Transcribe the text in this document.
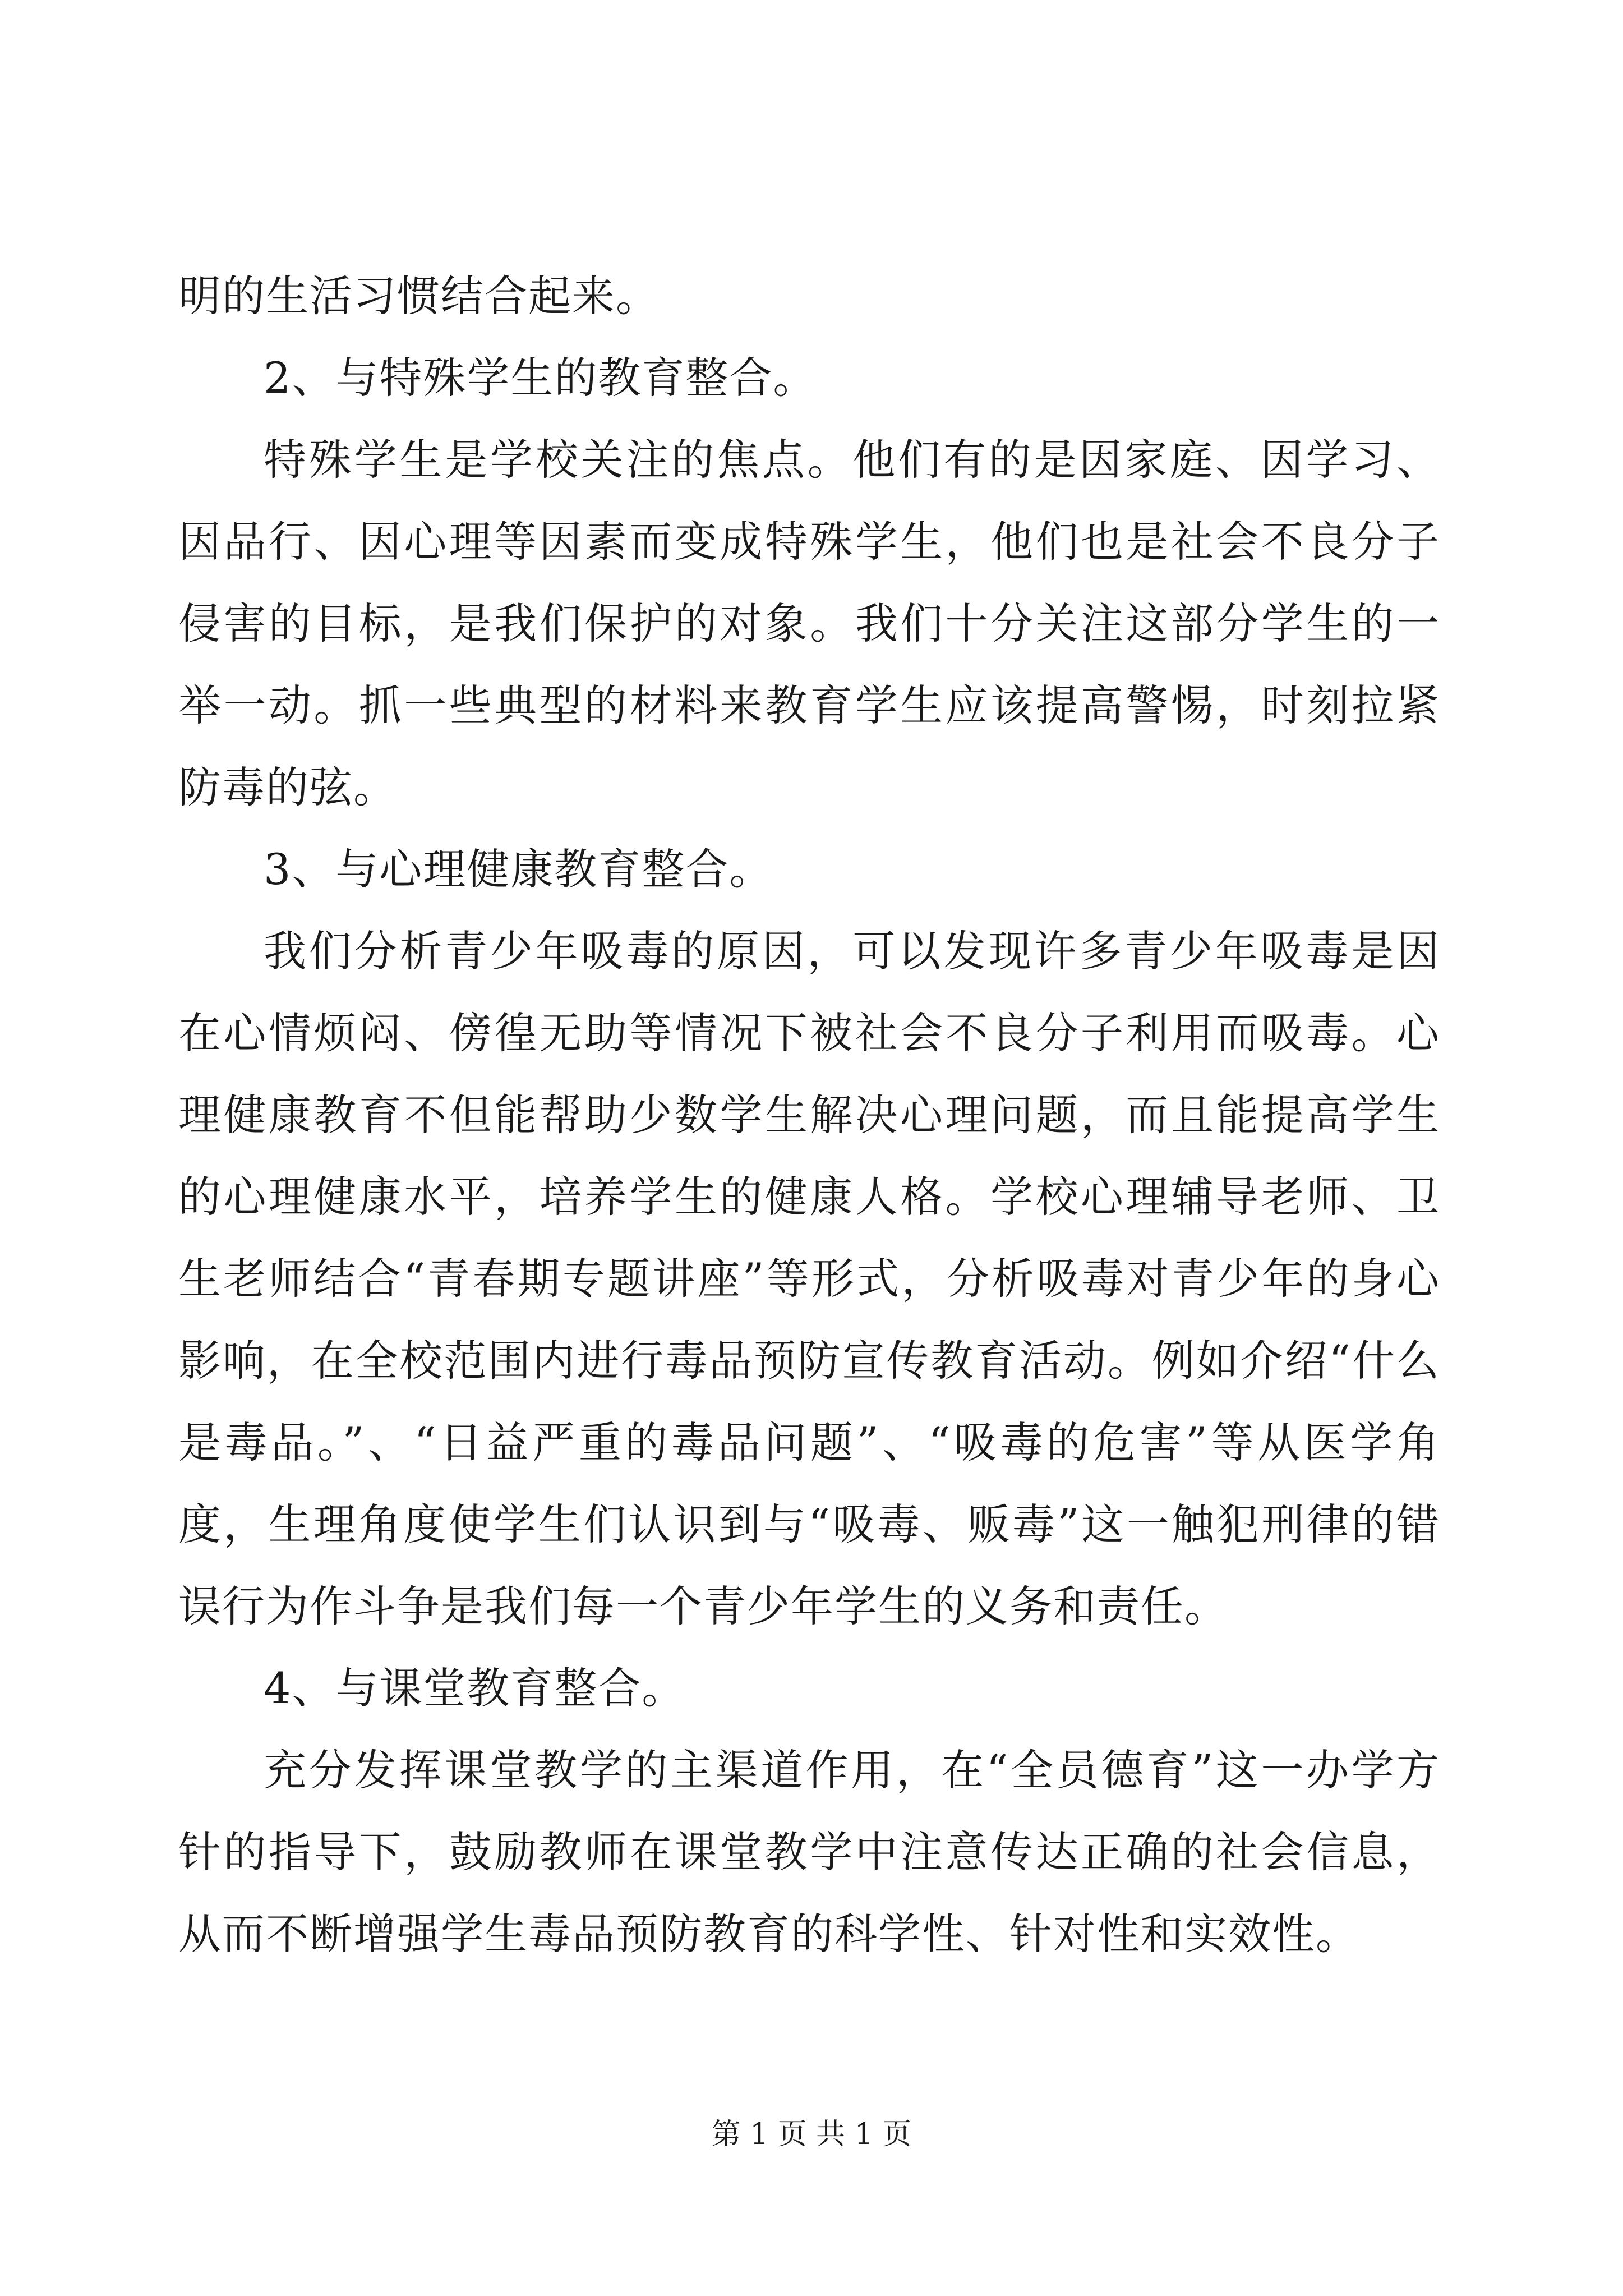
明的生活习惯结合起来。

2、与特殊学生的教育整合。

特殊学生是学校关注的焦点。他们有的是因家庭、因学习、因品行、因心理等因素而变成特殊学生，他们也是社会不良分子侵害的目标，是我们保护的对象。我们十分关注这部分学生的一举一动。抓一些典型的材料来教育学生应该提高警惕，时刻拉紧防毒的弦。

3、与心理健康教育整合。

我们分析青少年吸毒的原因，可以发现许多青少年吸毒是因在心情烦闷、傍徨无助等情况下被社会不良分子利用而吸毒。心理健康教育不但能帮助少数学生解决心理问题，而且能提高学生的心理健康水平，培养学生的健康人格。学校心理辅导老师、卫生老师结合“青春期专题讲座”等形式，分析吸毒对青少年的身心影响，在全校范围内进行毒品预防宣传教育活动。例如介绍“什么是毒品。”、“日益严重的毒品问题”、“吸毒的危害”等从医学角度，生理角度使学生们认识到与“吸毒、贩毒”这一触犯刑律的错误行为作斗争是我们每一个青少年学生的义务和责任。

4、与课堂教育整合。

充分发挥课堂教学的主渠道作用，在“全员德育”这一办学方针的指导下，鼓励教师在课堂教学中注意传达正确的社会信息，从而不断增强学生毒品预防教育的科学性、针对性和实效性。

第 1 页 共 1 页
